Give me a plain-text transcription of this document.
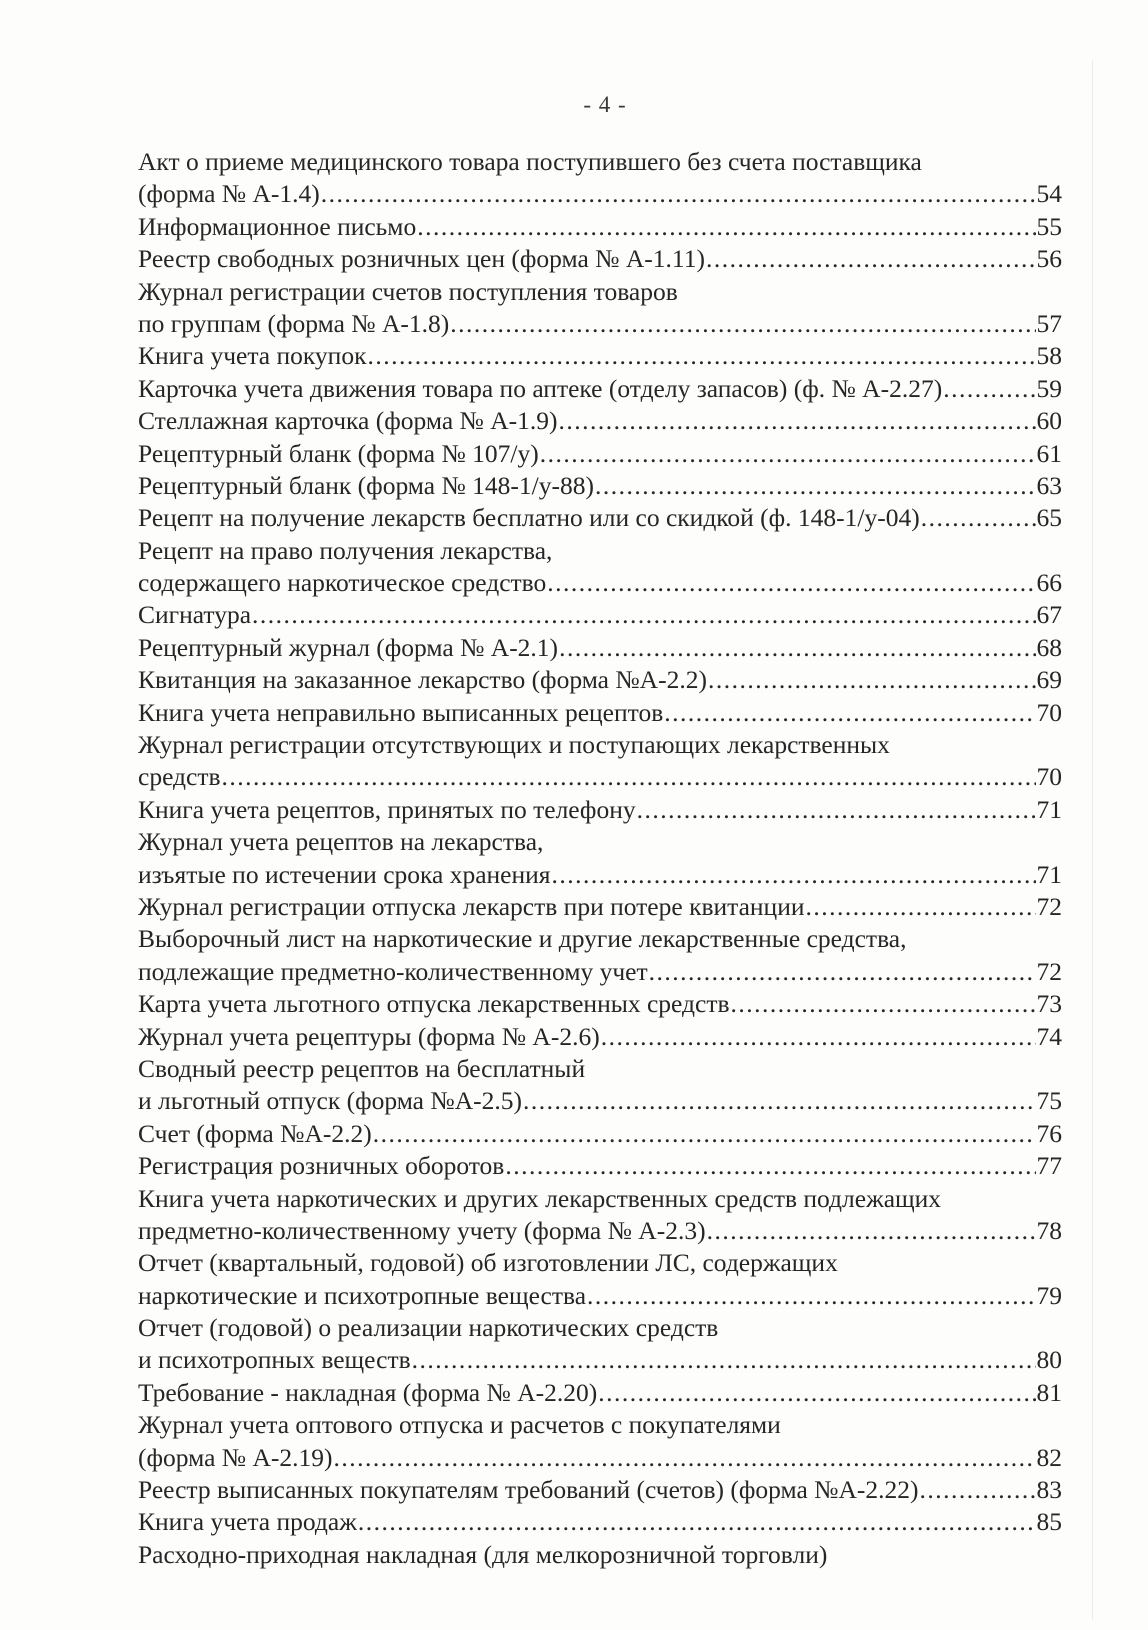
- 4 -
Акт о приеме медицинского товара поступившего без счета поставщика
(форма № А-1.4) .....	54
Информационное письмо .....	55
Реестр свободных розничных цен (форма № А-1.11) .....	56
Журнал регистрации счетов поступления товаров
по группам (форма № А-1.8) .....	57
Книга учета покупок .....	58
Карточка учета движения товара по аптеке (отделу запасов) (ф. № А-2.27) .....	59
Стеллажная карточка (форма № А-1.9) .....	60
Рецептурный бланк (форма № 107/у) .....	61
Рецептурный бланк (форма № 148-1/у-88) .....	63
Рецепт на получение лекарств бесплатно или со скидкой (ф. 148-1/у-04) .....	65
Рецепт на право получения лекарства,
содержащего наркотическое средство .....	66
Сигнатура .....	67
Рецептурный журнал (форма № А-2.1) .....	68
Квитанция на заказанное лекарство (форма №А-2.2) .....	69
Книга учета неправильно выписанных рецептов .....	70
Журнал регистрации отсутствующих и поступающих лекарственных
средств .....	70
Книга учета рецептов, принятых по телефону .....	71
Журнал учета рецептов на лекарства,
изъятые по истечении срока хранения .....	71
Журнал регистрации отпуска лекарств при потере квитанции .....	72
Выборочный лист на наркотические и другие лекарственные средства,
подлежащие предметно-количественному учет .....	72
Карта учета льготного отпуска лекарственных средств .....	73
Журнал учета рецептуры (форма № А-2.6) .....	74
Сводный реестр рецептов на бесплатный
и льготный отпуск (форма №А-2.5) .....	75
Счет (форма №А-2.2) .....	76
Регистрация розничных оборотов .....	77
Книга учета наркотических и других лекарственных средств подлежащих
предметно-количественному учету (форма № А-2.3) .....	78
Отчет (квартальный, годовой) об изготовлении ЛС, содержащих
наркотические и психотропные вещества .....	79
Отчет (годовой) о реализации наркотических средств
и психотропных веществ .....	80
Требование - накладная (форма № А-2.20) .....	81
Журнал учета оптового отпуска и расчетов с покупателями
(форма № А-2.19) .....	82
Реестр выписанных покупателям требований (счетов) (форма №А-2.22) .....	83
Книга учета продаж .....	85
Расходно-приходная накладная (для мелкорозничной торговли)
